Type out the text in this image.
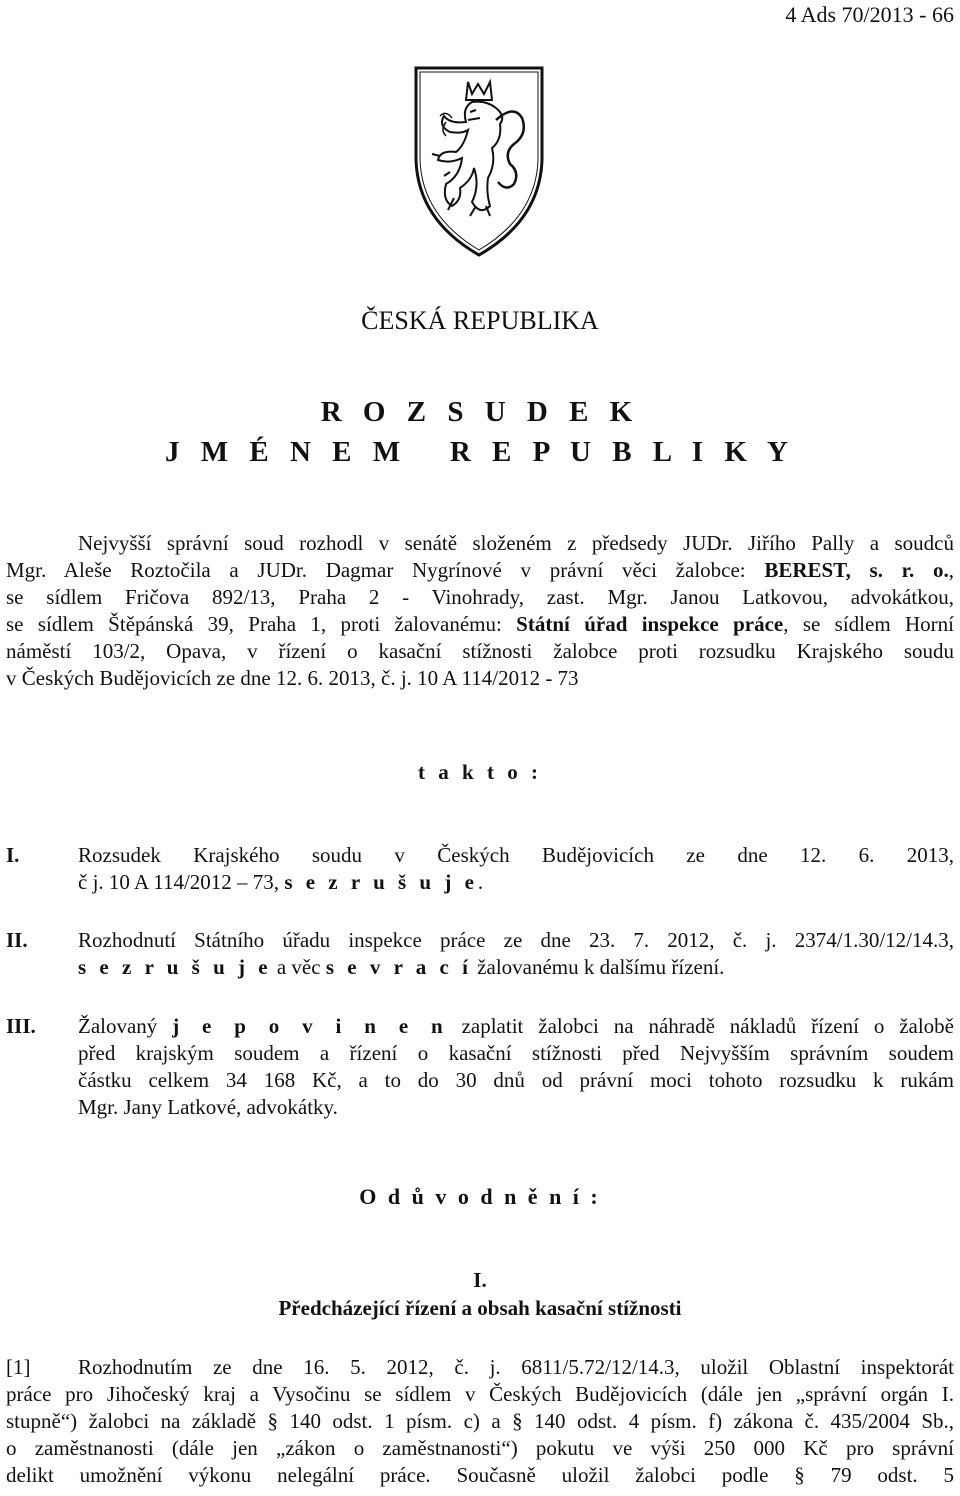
4 Ads 70/2013 - 66
ČESKÁ REPUBLIKA
R O Z S U D E K
J M É N E M   R E P U B L I K Y
Nejvyšší správní soud rozhodl v senátě složeném z předsedy JUDr. Jiřího Pally a soudců
Mgr. Aleše Roztočila a JUDr. Dagmar Nygrínové v právní věci žalobce: BEREST, s. r. o.,
se sídlem Fričova 892/13, Praha 2 - Vinohrady, zast. Mgr. Janou Latkovou, advokátkou,
se sídlem Štěpánská 39, Praha 1, proti žalovanému: Státní úřad inspekce práce, se sídlem Horní
náměstí 103/2, Opava, v řízení o kasační stížnosti žalobce proti rozsudku Krajského soudu
v Českých Budějovicích ze dne 12. 6. 2013, č. j. 10 A 114/2012 - 73
t a k t o :
I.	Rozsudek Krajského soudu v Českých Budějovicích ze dne 12. 6. 2013,
č j. 10 A 114/2012 – 73, s e z r u š u j e.
II. Rozhodnutí Státního úřadu inspekce práce ze dne 23. 7. 2012, č. j. 2374/1.30/12/14.3,
s e z r u š u j e a věc s e v r a c í žalovanému k dalšímu řízení.
III. Žalovaný j e p o v i n e n zaplatit žalobci na náhradě nákladů řízení o žalobě
před krajským soudem a řízení o kasační stížnosti před Nejvyšším správním soudem
částku celkem 34 168 Kč, a to do 30 dnů od právní moci tohoto rozsudku k rukám
Mgr. Jany Latkové, advokátky.
O d ů v o d n ě n í :
I.
Předcházející řízení a obsah kasační stížnosti
[1] Rozhodnutím ze dne 16. 5. 2012, č. j. 6811/5.72/12/14.3, uložil Oblastní inspektorát
práce pro Jihočeský kraj a Vysočinu se sídlem v Českých Budějovicích (dále jen „správní orgán I.
stupně“) žalobci na základě § 140 odst. 1 písm. c) a § 140 odst. 4 písm. f) zákona č. 435/2004 Sb.,
o zaměstnanosti (dále jen „zákon o zaměstnanosti“) pokutu ve výši 250 000 Kč pro správní
delikt umožnění výkonu nelegální práce. Současně uložil žalobci podle § 79 odst. 5
